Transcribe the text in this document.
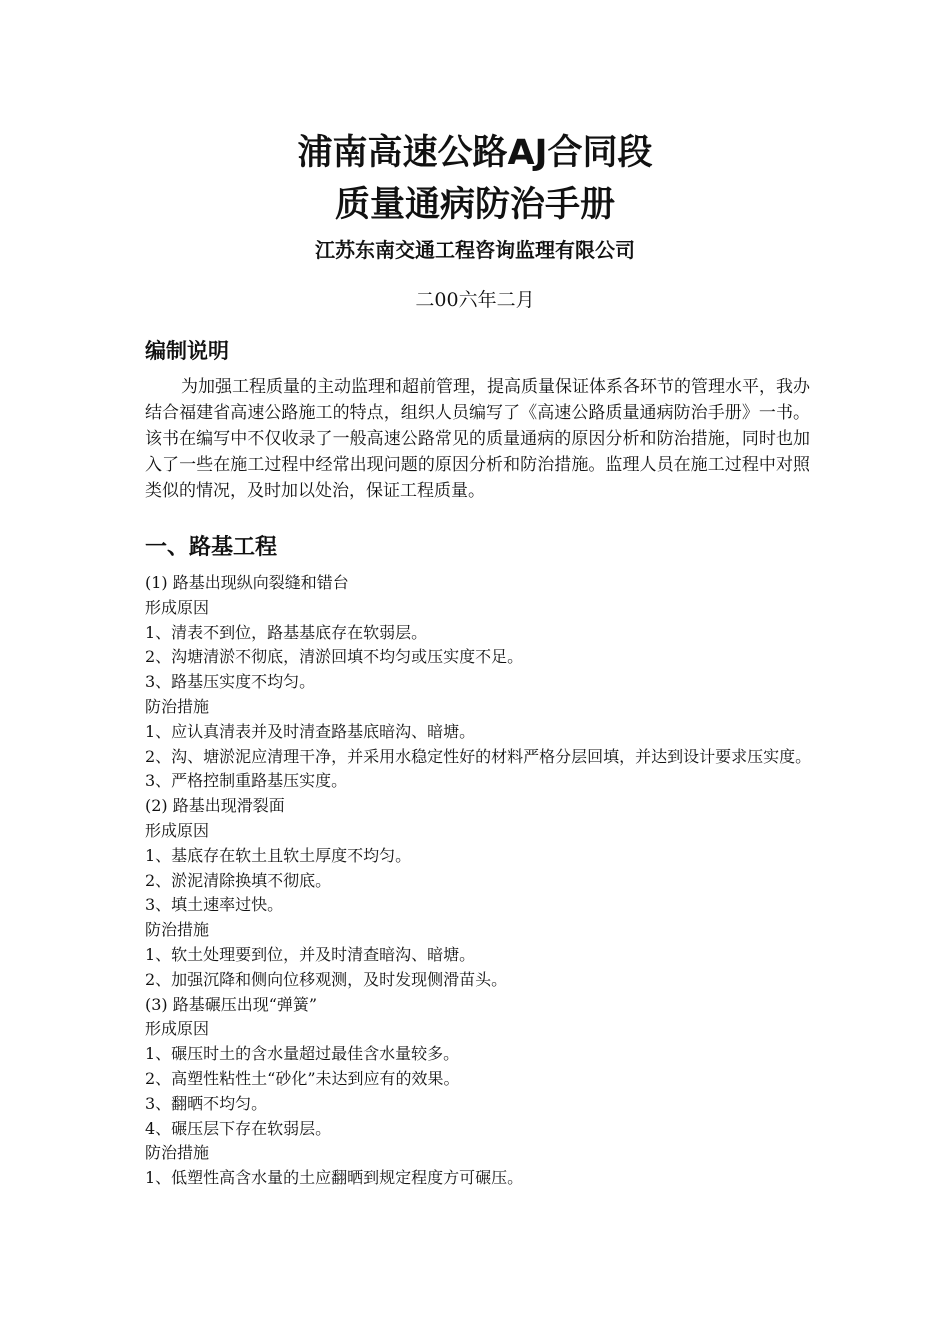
浦南高速公路AJ合同段
质量通病防治手册
江苏东南交通工程咨询监理有限公司
二00六年二月
编制说明

为加强工程质量的主动监理和超前管理，提高质量保证体系各环节的管理水平，我办结合福建省高速公路施工的特点，组织人员编写了《高速公路质量通病防治手册》一书。该书在编写中不仅收录了一般高速公路常见的质量通病的原因分析和防治措施，同时也加入了一些在施工过程中经常出现问题的原因分析和防治措施。监理人员在施工过程中对照类似的情况，及时加以处治，保证工程质量。

一、路基工程

(1) 路基出现纵向裂缝和错台

形成原因

1、清表不到位，路基基底存在软弱层。

2、沟塘清淤不彻底，清淤回填不均匀或压实度不足。

3、路基压实度不均匀。

防治措施

1、应认真清表并及时清查路基底暗沟、暗塘。

2、沟、塘淤泥应清理干净，并采用水稳定性好的材料严格分层回填，并达到设计要求压实度。

3、严格控制重路基压实度。

(2) 路基出现滑裂面

形成原因

1、基底存在软土且软土厚度不均匀。

2、淤泥清除换填不彻底。

3、填土速率过快。

防治措施

1、软土处理要到位，并及时清查暗沟、暗塘。

2、加强沉降和侧向位移观测，及时发现侧滑苗头。

(3) 路基碾压出现“弹簧”

形成原因

1、碾压时土的含水量超过最佳含水量较多。

2、高塑性粘性土“砂化”未达到应有的效果。

3、翻晒不均匀。

4、碾压层下存在软弱层。

防治措施

1、低塑性高含水量的土应翻晒到规定程度方可碾压。
